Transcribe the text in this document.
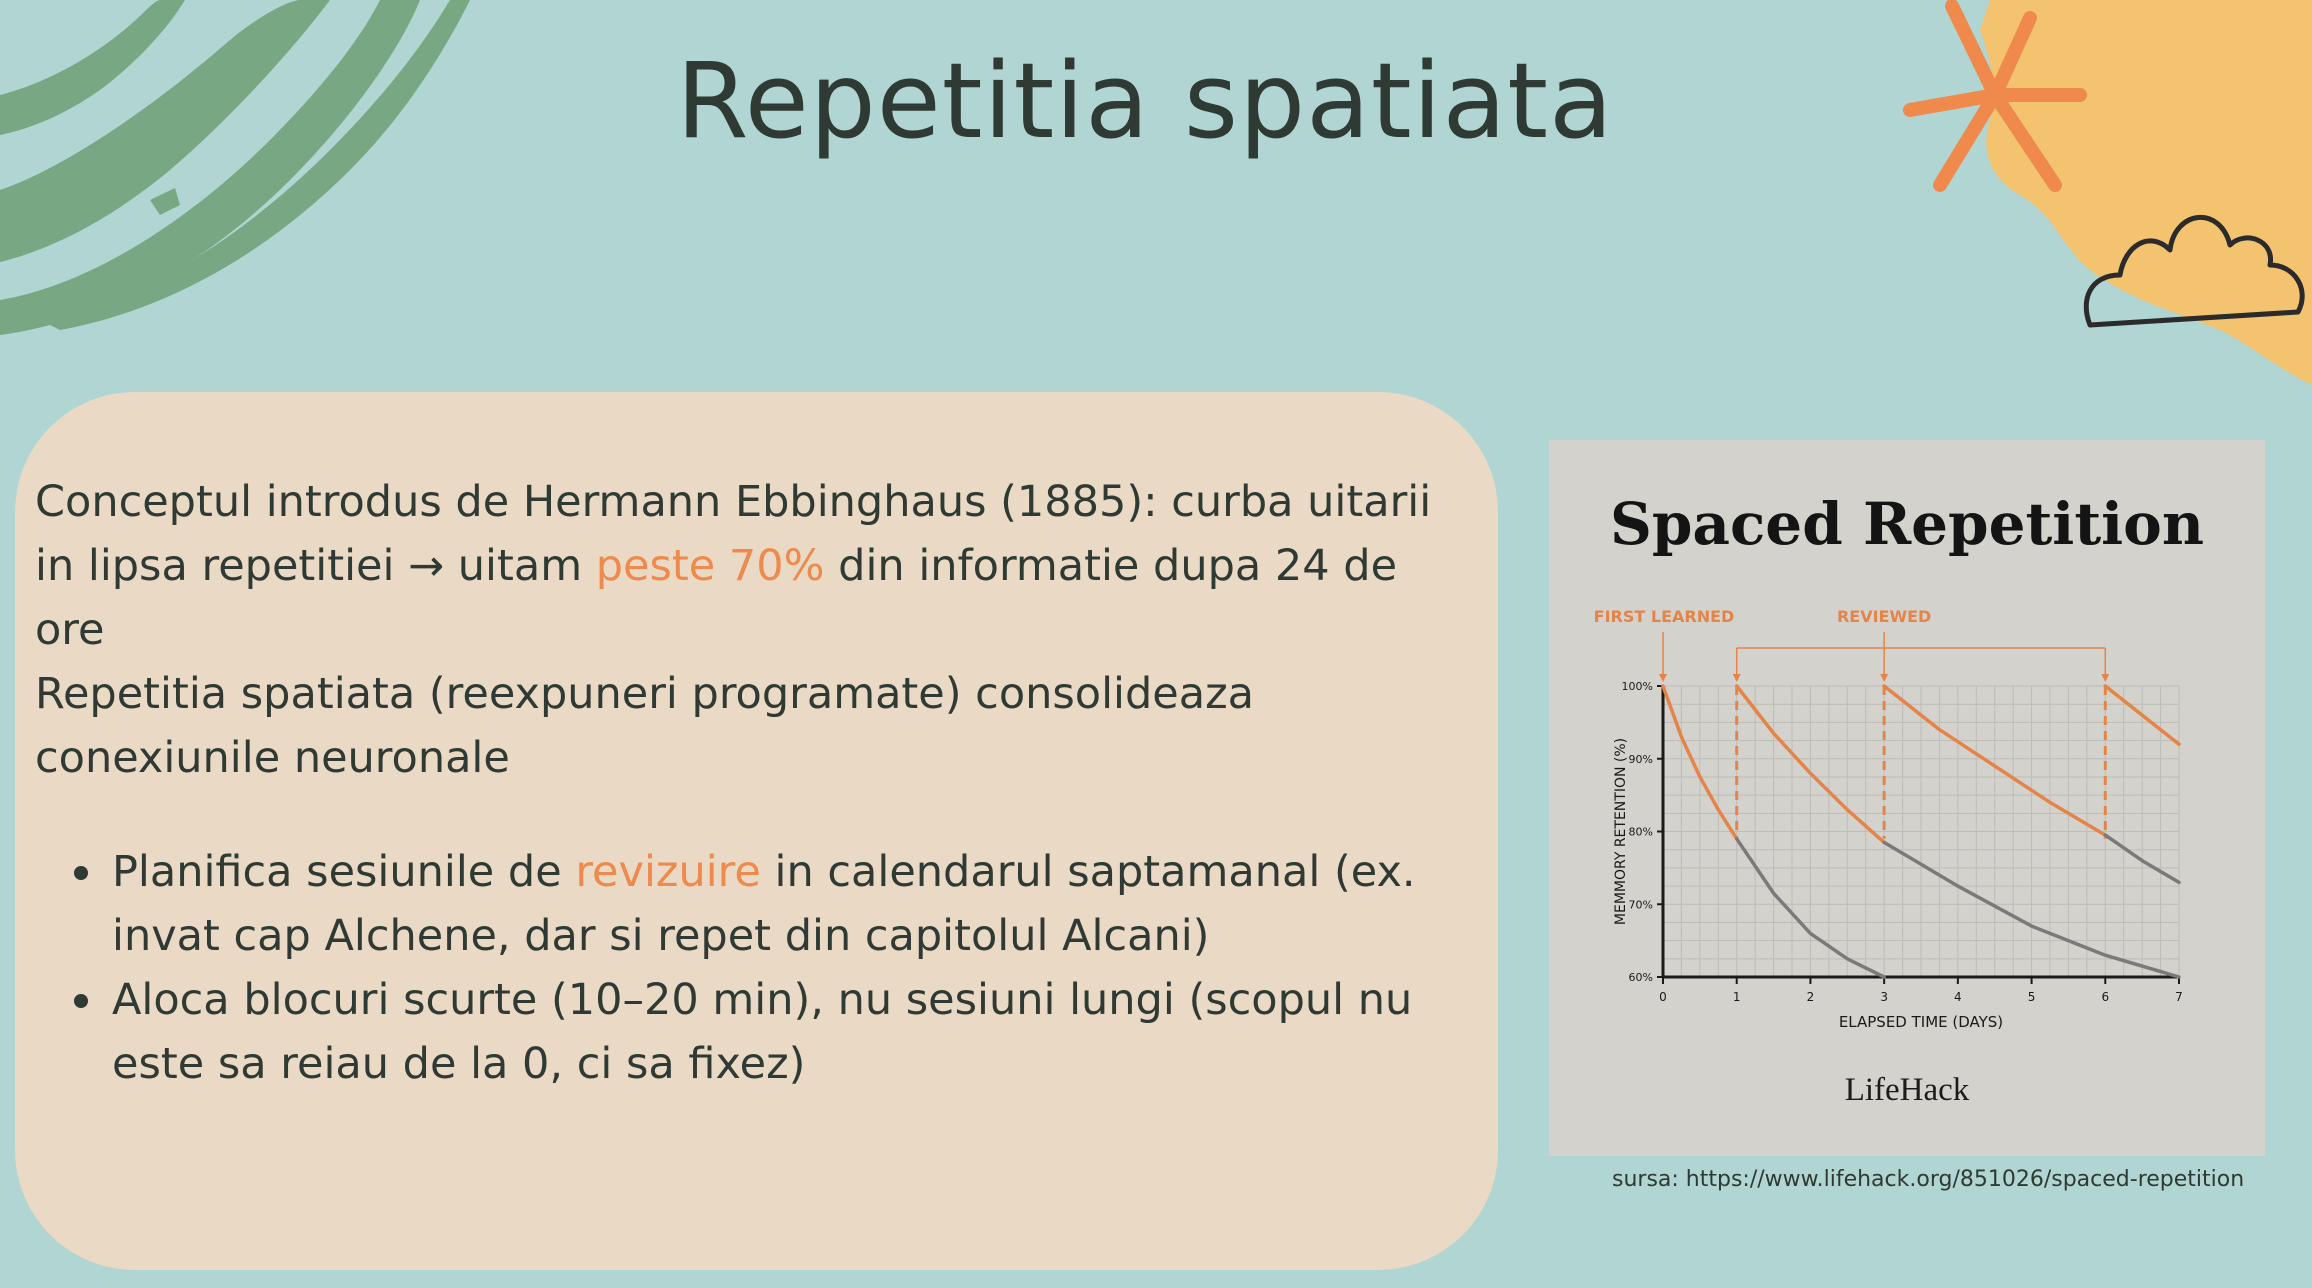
Repetitia spatiata

Conceptul introdus de Hermann Ebbinghaus (1885): curba uitarii in lipsa repetitiei → uitam peste 70% din informatie dupa 24 de ore

Repetitia spatiata (reexpuneri programate) consolideaza conexiunile neuronale

Planifica sesiunile de revizuire in calendarul saptamanal (ex. invat cap Alchene, dar si repet din capitolul Alcani)
Aloca blocuri scurte (10–20 min), nu sesiuni lungi (scopul nu este sa reiau de la 0, ci sa fixez)
Spaced Repetition
0	1	2	3	4	5	6	7
60%
70%
80%
90%
100%
ELAPSED TIME (DAYS)
MEMMORY RETENTION (%)
FIRST LEARNED	REVIEWED
LifeHack
sursa: https://www.lifehack.org/851026/spaced-repetition
